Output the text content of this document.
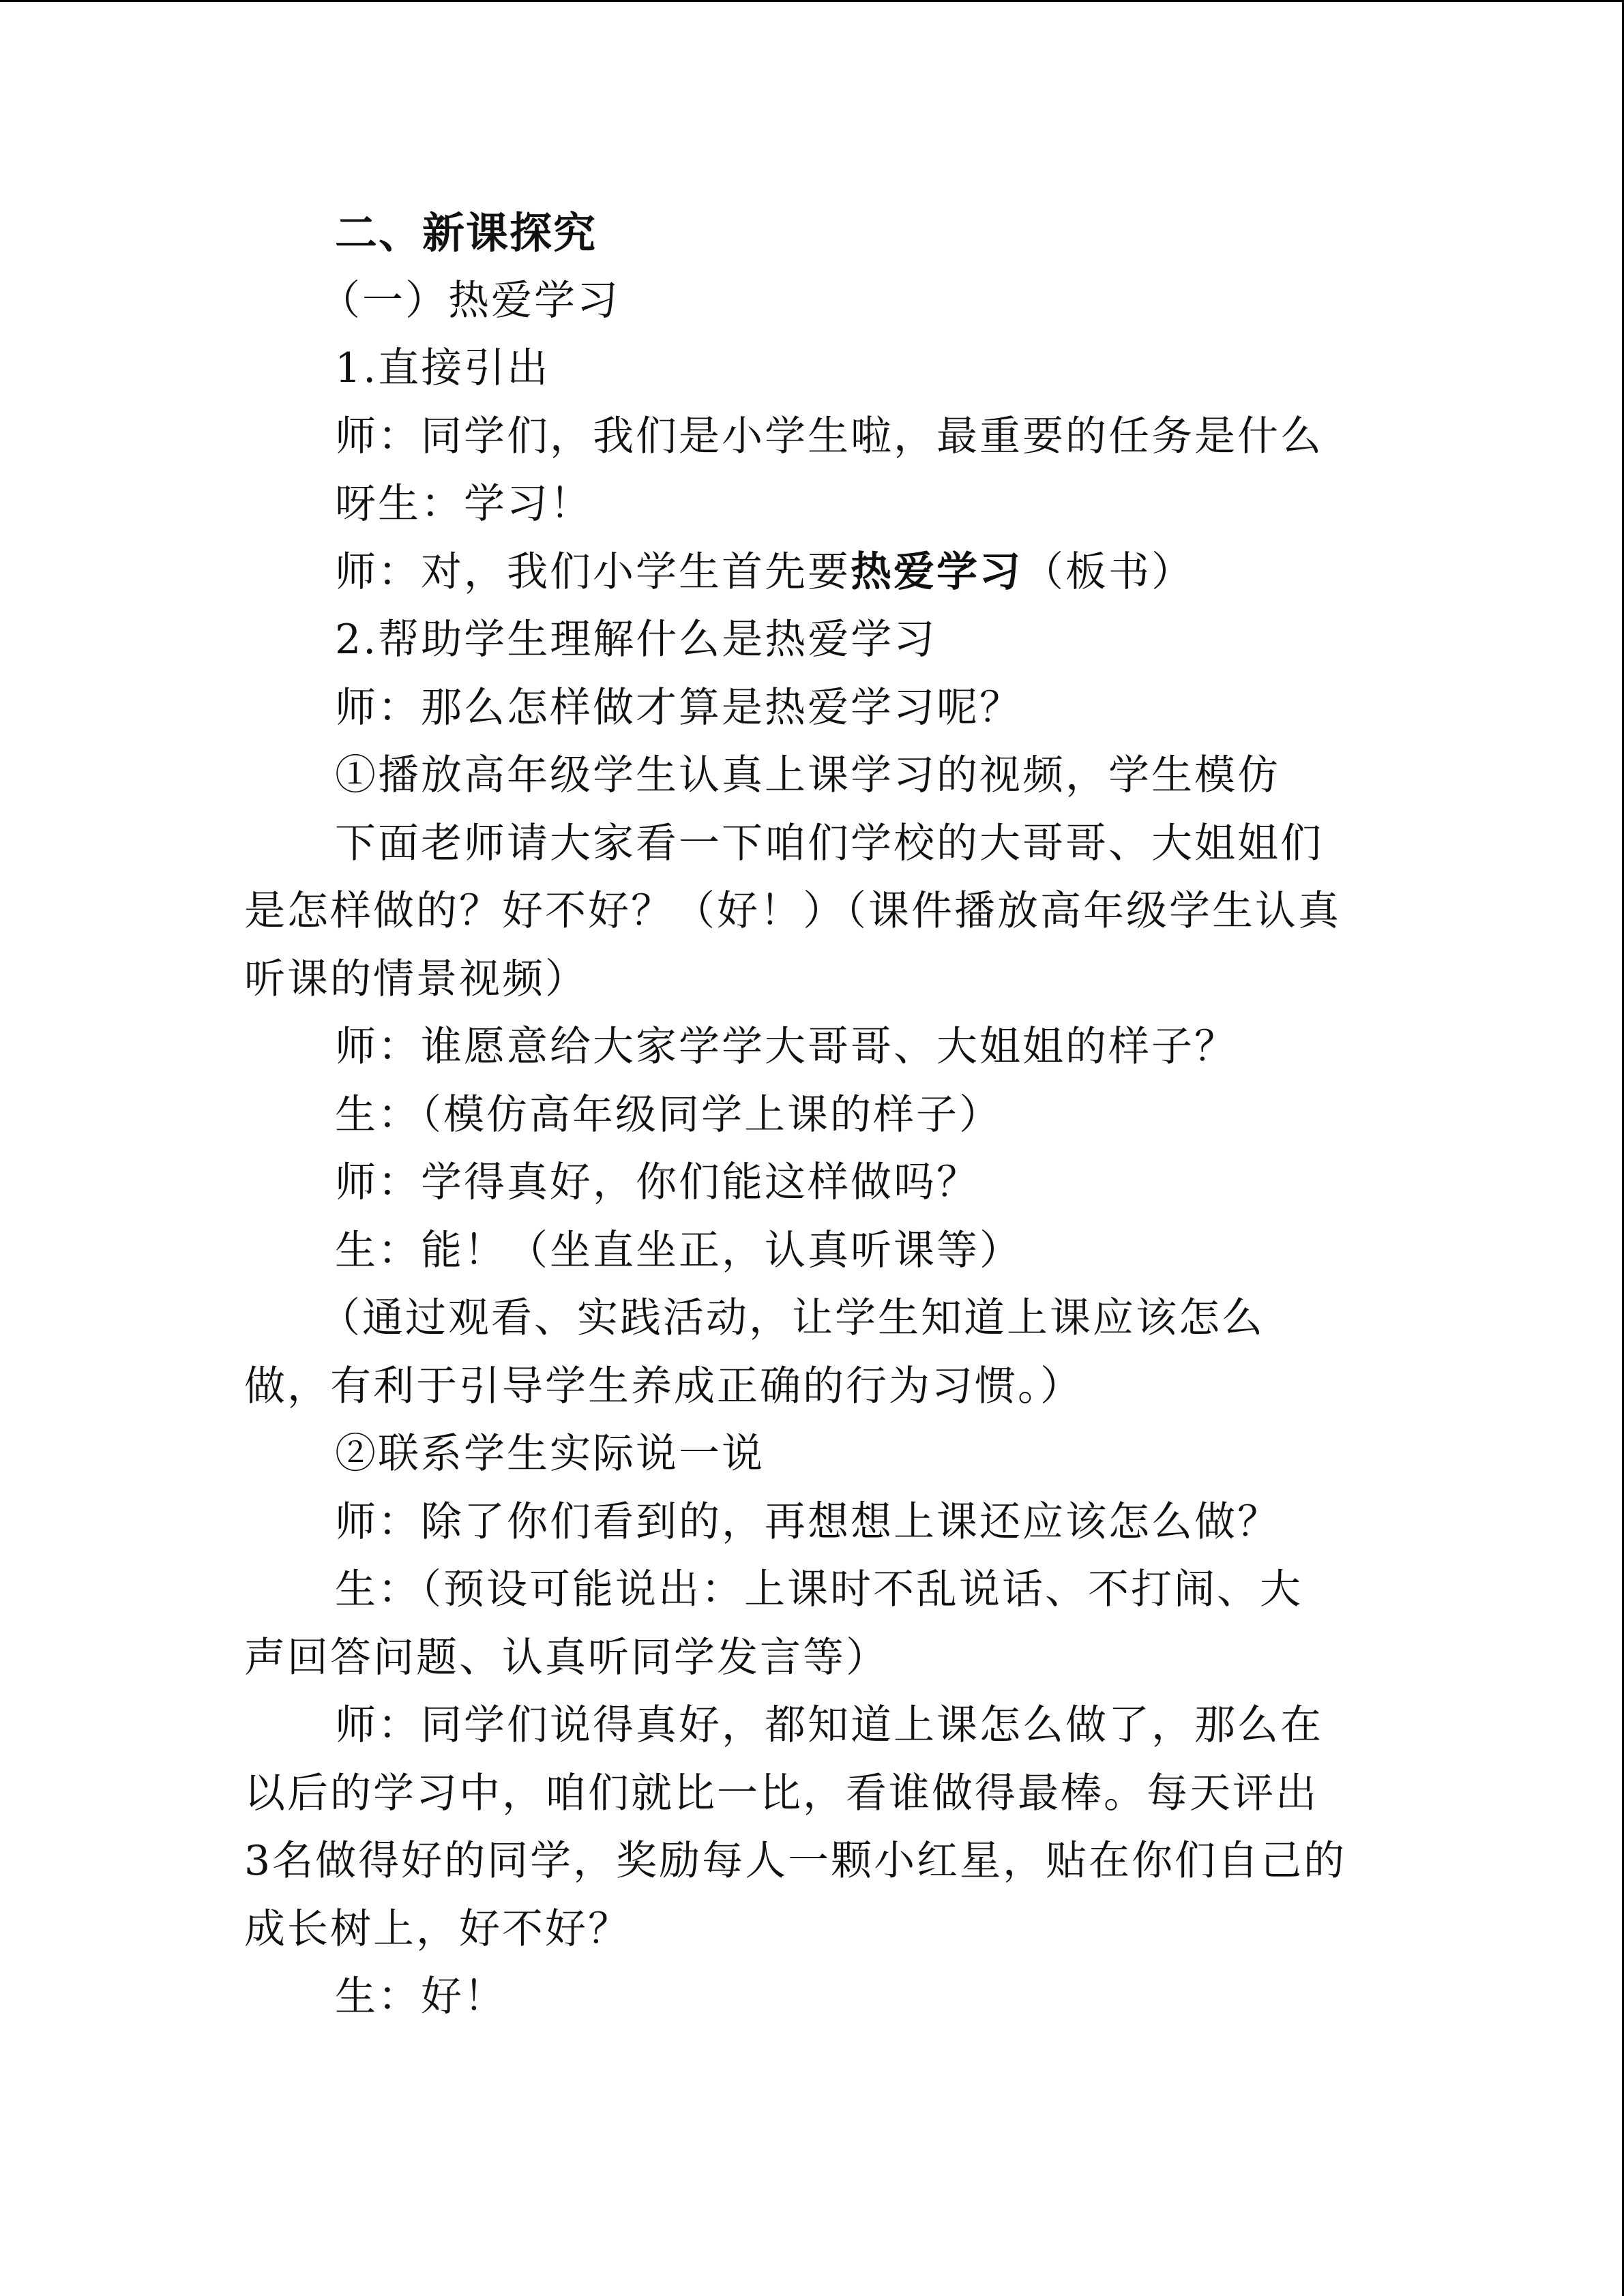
二、新课探究

（一）热爱学习

1.直接引出

师：同学们，我们是小学生啦，最重要的任务是什么

呀生：学习！

师：对，我们小学生首先要热爱学习（板书）

2.帮助学生理解什么是热爱学习

师：那么怎样做才算是热爱学习呢？

①播放高年级学生认真上课学习的视频，学生模仿

下面老师请大家看一下咱们学校的大哥哥、大姐姐们

是怎样做的？好不好？（好！）（课件播放高年级学生认真

听课的情景视频）

师：谁愿意给大家学学大哥哥、大姐姐的样子？

生：（模仿高年级同学上课的样子）

师：学得真好，你们能这样做吗？

生：能！（坐直坐正，认真听课等）

（通过观看、实践活动，让学生知道上课应该怎么

做，有利于引导学生养成正确的行为习惯。）

②联系学生实际说一说

师：除了你们看到的，再想想上课还应该怎么做？

生：（预设可能说出：上课时不乱说话、不打闹、大

声回答问题、认真听同学发言等）

师：同学们说得真好，都知道上课怎么做了，那么在

以后的学习中，咱们就比一比，看谁做得最棒。每天评出

3名做得好的同学，奖励每人一颗小红星，贴在你们自己的

成长树上，好不好？

生：好！
